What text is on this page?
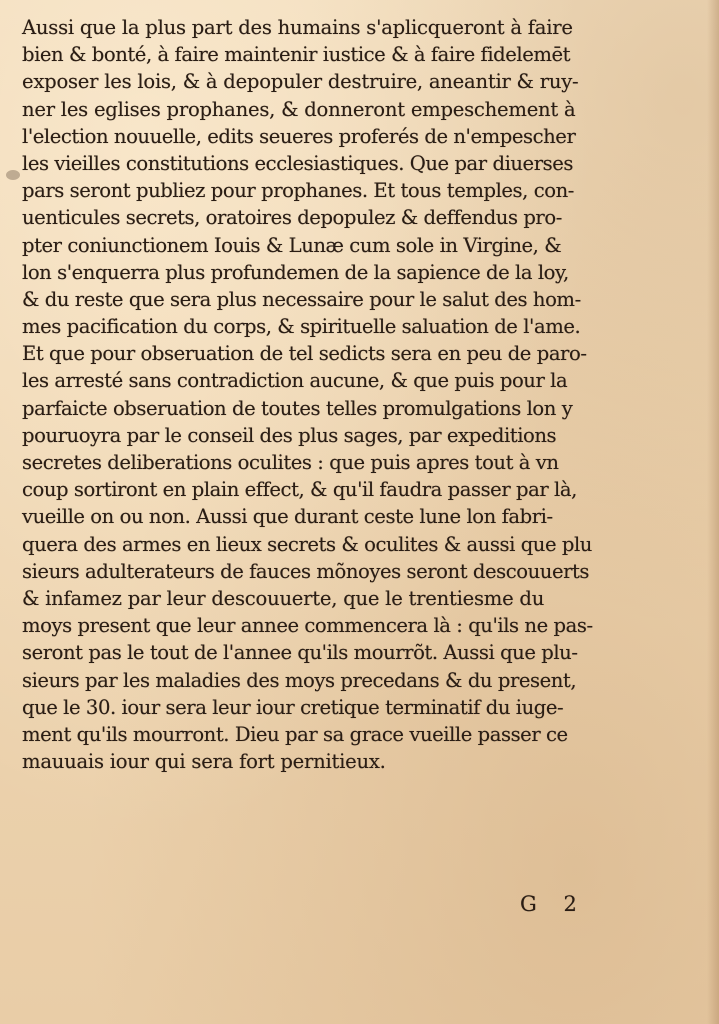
Aussi que la plus part des humains s'aplicqueront à faire
bien & bonté, à faire maintenir iustice & à faire fidelemēt
exposer les lois, & à depopuler destruire, aneantir & ruy-
ner les eglises prophanes, & donneront empeschement à
l'election nouuelle, edits seueres proferés de n'empescher
les vieilles constitutions ecclesiastiques. Que par diuerses
pars seront publiez pour prophanes. Et tous temples, con-
uenticules secrets, oratoires depopulez & deffendus pro-
pter coniunctionem Iouis & Lunæ cum sole in Virgine, &
lon s'enquerra plus profundemen de la sapience de la loy,
& du reste que sera plus necessaire pour le salut des hom-
mes pacification du corps, & spirituelle saluation de l'ame.
Et que pour obseruation de tel sedicts sera en peu de paro-
les arresté sans contradiction aucune, & que puis pour la
parfaicte obseruation de toutes telles promulgations lon y
pouruoyra par le conseil des plus sages, par expeditions
secretes deliberations oculites : que puis apres tout à vn
coup sortiront en plain effect, & qu'il faudra passer par là,
vueille on ou non. Aussi que durant ceste lune lon fabri-
quera des armes en lieux secrets & oculites & aussi que plu
sieurs adulterateurs de fauces mõnoyes seront descouuerts
& infamez par leur descouuerte, que le trentiesme du
moys present que leur annee commencera là : qu'ils ne pas-
seront pas le tout de l'annee qu'ils mourrõt. Aussi que plu-
sieurs par les maladies des moys precedans & du present,
que le 30. iour sera leur iour cretique terminatif du iuge-
ment qu'ils mourront. Dieu par sa grace vueille passer ce
mauuais iour qui sera fort pernitieux.
G 2
